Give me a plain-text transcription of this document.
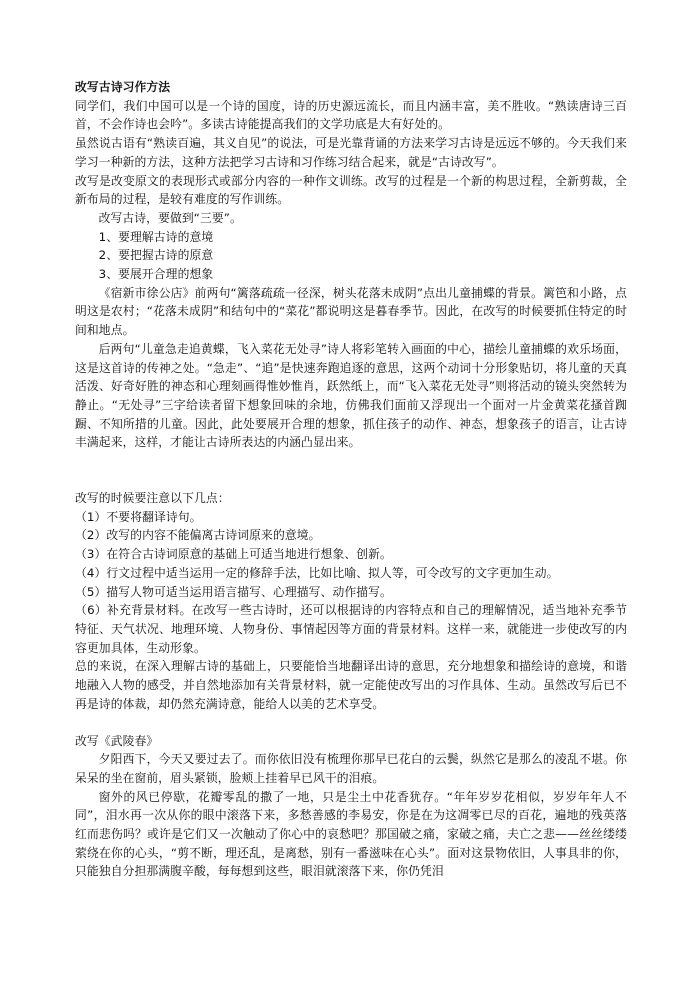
改写古诗习作方法

同学们，我们中国可以是一个诗的国度，诗的历史源远流长，而且内涵丰富，美不胜收。“熟读唐诗三百首，不会作诗也会吟”。多读古诗能提高我们的文学功底是大有好处的。

虽然说古语有“熟读百遍，其义自见”的说法，可是光靠背诵的方法来学习古诗是远远不够的。今天我们来学习一种新的方法，这种方法把学习古诗和习作练习结合起来，就是“古诗改写”。

改写是改变原文的表现形式或部分内容的一种作文训练。改写的过程是一个新的构思过程，全新剪裁，全新布局的过程，是较有难度的写作训练。

改写古诗，要做到“三要”。

1、要理解古诗的意境

2、要把握古诗的原意

3、要展开合理的想象

《宿新市徐公店》前两句“篱落疏疏一径深，树头花落未成阴”点出儿童捕蝶的背景。篱笆和小路，点明这是农村；“花落未成阴”和结句中的“菜花”都说明这是暮春季节。因此，在改写的时候要抓住特定的时间和地点。

后两句“儿童急走追黄蝶，飞入菜花无处寻”诗人将彩笔转入画面的中心，描绘儿童捕蝶的欢乐场面，这是这首诗的传神之处。“急走”、“追”是快速奔跑追逐的意思，这两个动词十分形象贴切，将儿童的天真活泼、好奇好胜的神态和心理刻画得惟妙惟肖，跃然纸上，而“飞入菜花无处寻”则将活动的镜头突然转为静止。“无处寻”三字给读者留下想象回味的余地，仿佛我们面前又浮现出一个面对一片金黄菜花搔首踟蹰、不知所措的儿童。因此，此处要展开合理的想象，抓住孩子的动作、神态，想象孩子的语言，让古诗丰满起来，这样，才能让古诗所表达的内涵凸显出来。

改写的时候要注意以下几点：

（1）不要将翻译诗句。

（2）改写的内容不能偏离古诗词原来的意境。

（3）在符合古诗词原意的基础上可适当地进行想象、创新。

（4）行文过程中适当运用一定的修辞手法，比如比喻、拟人等，可令改写的文字更加生动。

（5）描写人物可适当运用语言描写、心理描写、动作描写。

（6）补充背景材料。在改写一些古诗时，还可以根据诗的内容特点和自己的理解情况，适当地补充季节特征、天气状况、地理环境、人物身份、事情起因等方面的背景材料。这样一来，就能进一步使改写的内容更加具体，生动形象。

总的来说，在深入理解古诗的基础上，只要能恰当地翻译出诗的意思，充分地想象和描绘诗的意境，和谐地融入人物的感受，并自然地添加有关背景材料，就一定能使改写出的习作具体、生动。虽然改写后已不再是诗的体裁，却仍然充满诗意，能给人以美的艺术享受。

改写《武陵春》

夕阳西下，今天又要过去了。而你依旧没有梳理你那早已花白的云鬓，纵然它是那么的凌乱不堪。你呆呆的坐在窗前，眉头紧锁，脸颊上挂着早已风干的泪痕。

窗外的风已停歇，花瓣零乱的撒了一地，只是尘土中花香犹存。“年年岁岁花相似，岁岁年年人不同”，泪水再一次从你的眼中滚落下来，多愁善感的李易安，你是在为这凋零已尽的百花，遍地的残英落红而悲伤吗？或许是它们又一次触动了你心中的哀愁吧？那国破之痛，家破之痛，夫亡之悲——丝丝缕缕萦绕在你的心头，“剪不断，理还乱，是离愁，别有一番滋味在心头”。面对这景物依旧，人事具非的你，只能独自分担那满腹辛酸，每每想到这些，眼泪就滚落下来，你仍凭泪
